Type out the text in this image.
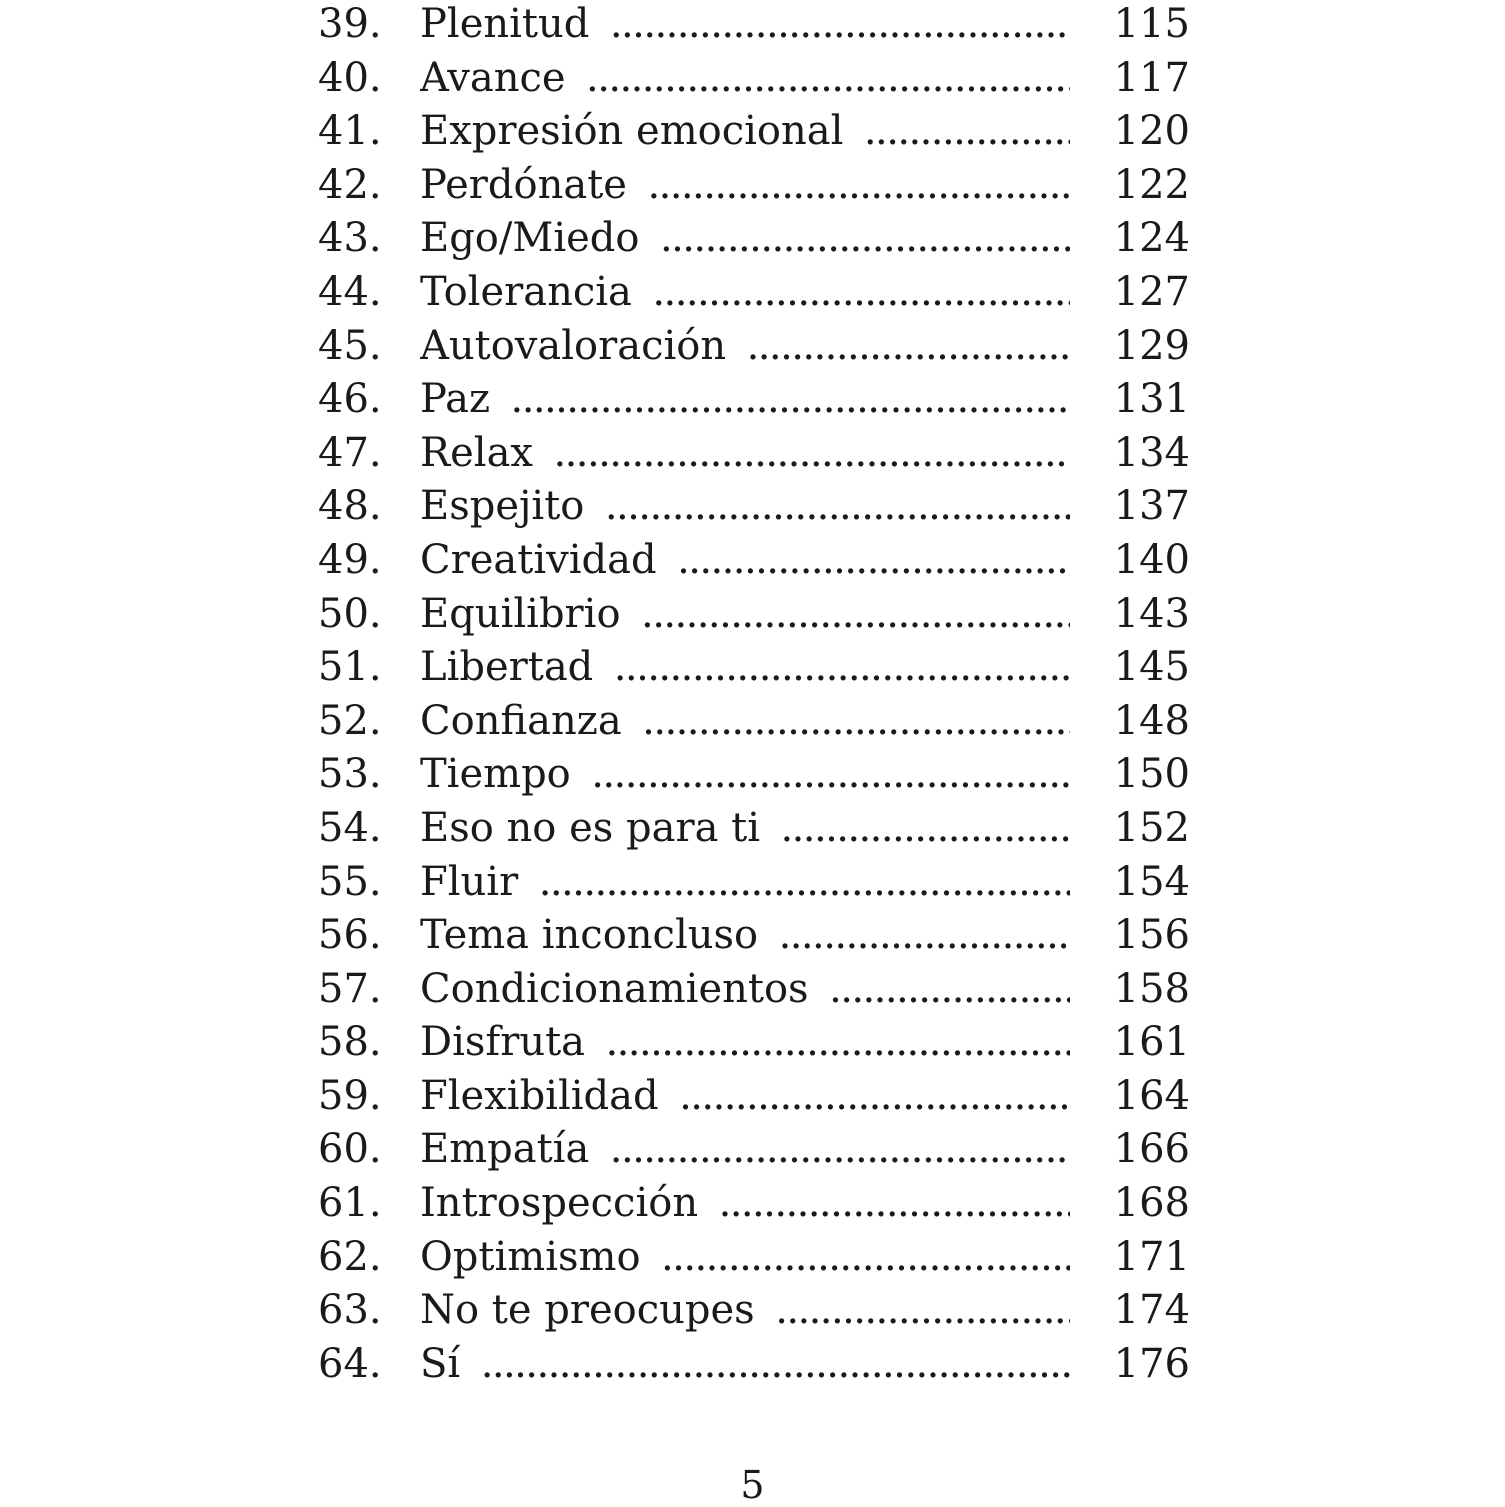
39. Plenitud .....	115
40. Avance .....	117
41. Expresión emocional .....	120
42. Perdónate .....	122
43. Ego/Miedo .....	124
44. Tolerancia .....	127
45. Autovaloración .....	129
46. Paz .....	131
47. Relax .....	134
48. Espejito .....	137
49. Creatividad .....	140
50. Equilibrio .....	143
51. Libertad .....	145
52. Confianza .....	148
53. Tiempo .....	150
54. Eso no es para ti .....	152
55. Fluir .....	154
56. Tema inconcluso .....	156
57. Condicionamientos .....	158
58. Disfruta .....	161
59. Flexibilidad .....	164
60. Empatía .....	166
61. Introspección .....	168
62. Optimismo .....	171
63. No te preocupes .....	174
64. Sí .....	176
5
